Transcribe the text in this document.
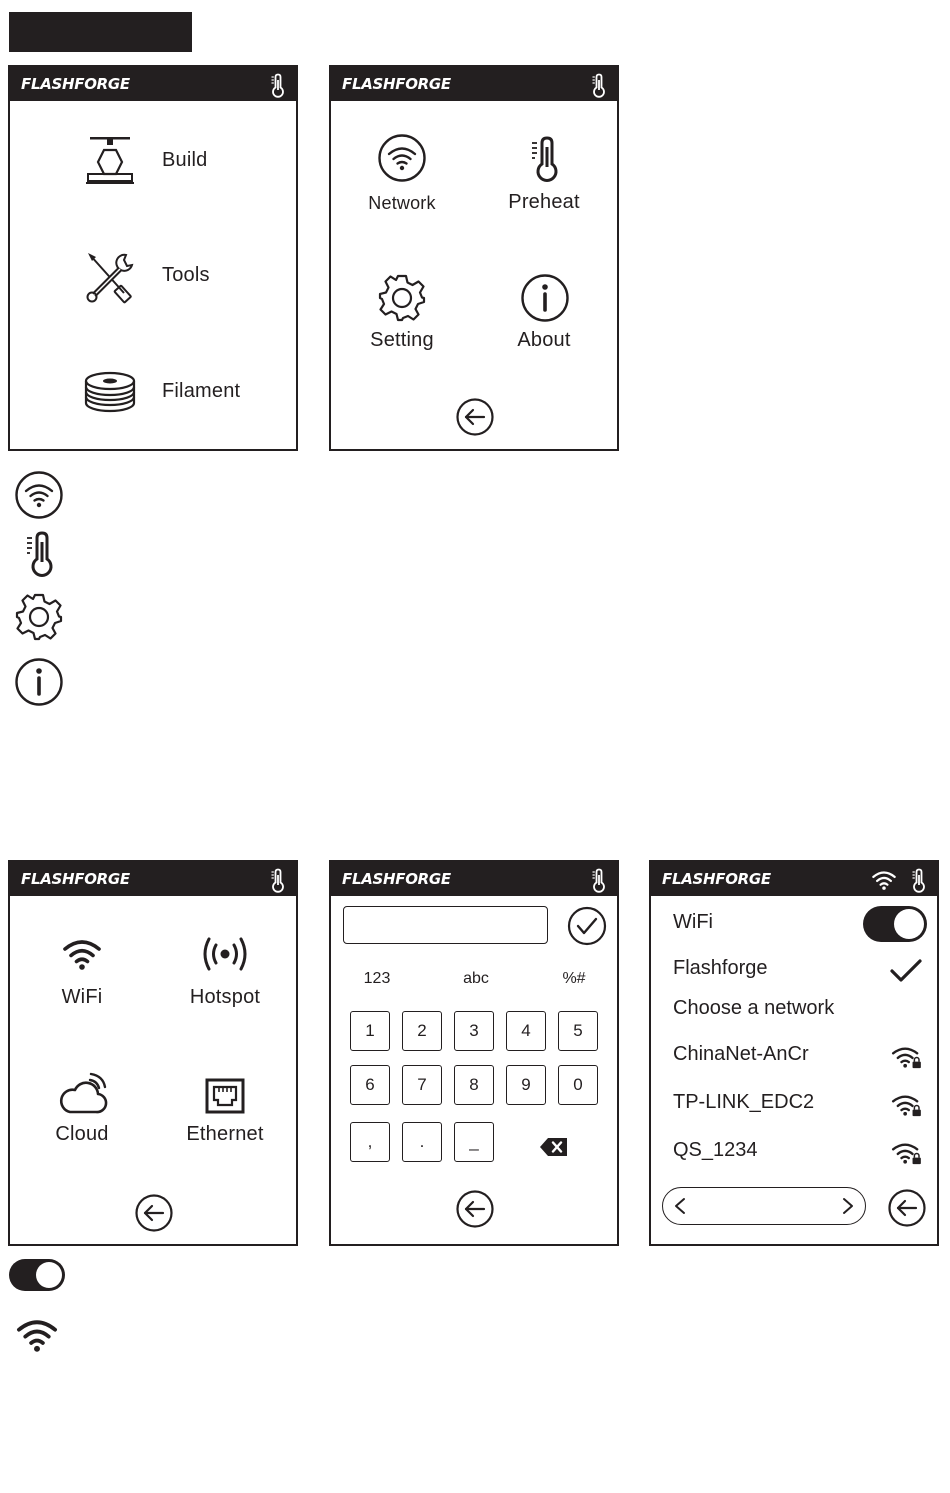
FLASHFORGE
Build
Tools
Filament
FLASHFORGE
Network	Preheat
Setting	About
FLASHFORGE
WiFi	Hotspot
Cloud	Ethernet
FLASHFORGE
123	abc	%#
1	2	3	4	5
6	7	8	9	0
,	.	_
FLASHFORGE
WiFi
Flashforge
Choose a network
ChinaNet-AnCr
TP-LINK_EDC2
QS_1234
